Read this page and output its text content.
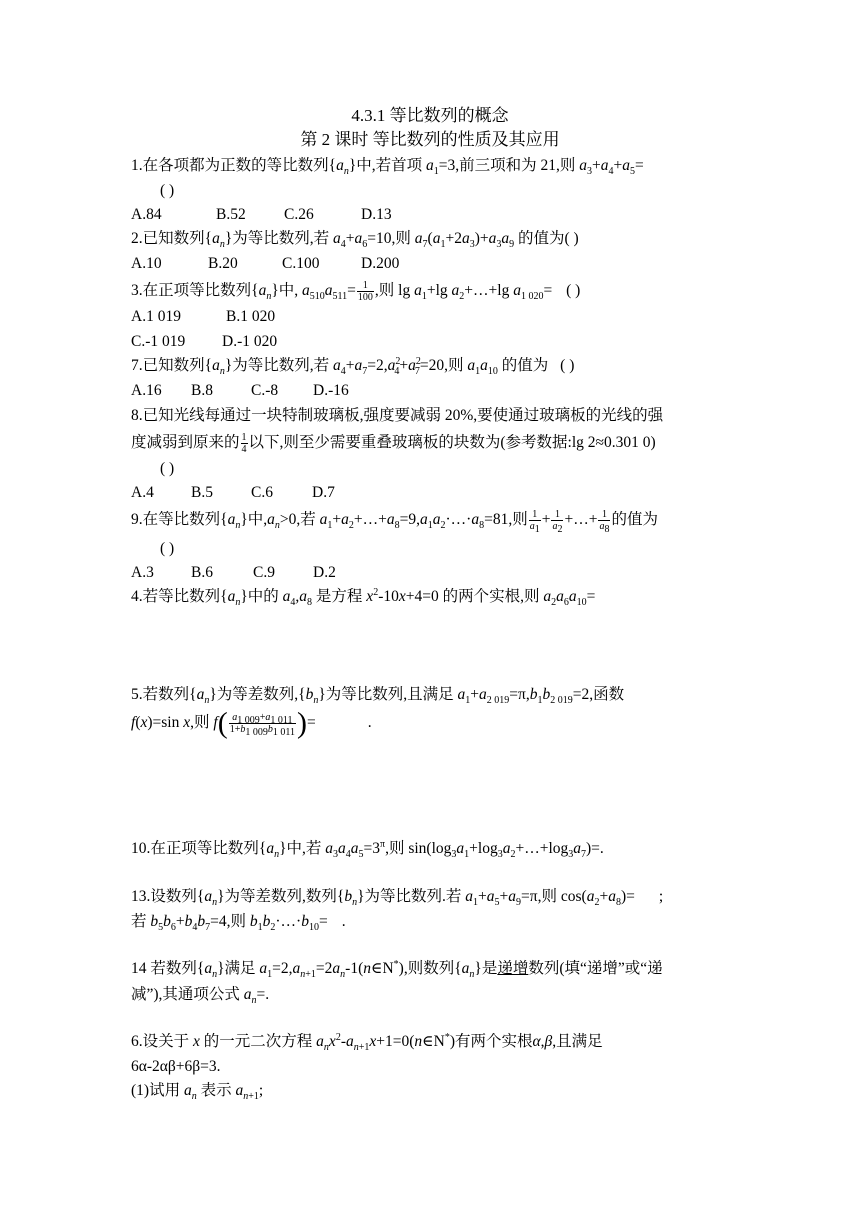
4.3.1 等比数列的概念
第 2 课时 等比数列的性质及其应用
1.在各项都为正数的等比数列$\{a_n\}$中,若首项 $a_1=3$,前三项和为 21,则 $a_3+a_4+a_5=$
( )
A.84	B.52 C.26	D.13
2.已知数列$\{a_n\}$为等比数列,若 $a_4+a_6=10$,则 $a_7(a_1+2a_3)+a_3a_9$ 的值为( )
A.10	B.20	C.100	D.200
3.在正项等比数列$\{a_n\}$中, $a_{510}a_{511}= \frac{1}{100}$ ,则 $\lg a_1+\lg$ $a_2+\dots+\lg$ $a_{1 020}=$ ( )
A.1 019	B.1 020
C.-1 019 D.-1 020
7.已知数列$\{a_n\}$为等比数列,若 $a_4+a_7=2,a^2_4+a^2_7=20$,则 $a_1a_{10}$ 的值为 ( )
A.16 B.8 C.-8 D.-16
8.已知光线每通过一块特制玻璃板,强度要减弱 20%,要使通过玻璃板的光线的强
度减弱到原来的 $\frac{1}{4}$ 以下,则至少需要重叠玻璃板的块数为(参考数据:lg 2≈0.301 0)
( )
A.4 B.5 C.6	D.7
9.在等比数列$\{a_n\}$中$,a_n>0$,若 $a_1+a_2+\dots+a_8=9,a_1a_2\cdot\dots\cdot a_8=81$,则 $\frac{1}{a_1} + \frac{1}{a_2}$ +…+ $\frac{1}{a_8}$ 的值为
( )
A.3 B.6	C.9 D.2
4.若等比数列$\{a_n\}$中的 $a_4,a_8$ 是方程 $x^2-10x+4=0$ 的两个实根,则 $a_2a_6a_{10}=$
5.若数列$\{a_n\}$为等差数列$,\{b_n\}$为等比数列,且满足 $a_1+a_{2 019}=\pi,b_1b_{2 019}=2$,函数
f(x)=sin x,则 $f( \frac{a_{1 009}+a_{1 011}}{1+b_{1 009}b_{1 011}}$ )=	.
10.在正项等比数列$\{a_n\}$中,若 $a_3a_4a_5=3^\pi$,则 $\sin(\log_3a_1+\log_3a_2+\dots+\log_3a_7)=$.
13.设数列$\{a_n\}$为等差数列,数列$\{b_n\}$为等比数列.若 $a_1+a_5+a_9=\pi$,则 $\cos(a_2+a_8)=$ ;
若 $b_5b_6+b_4b_7=4$,则 $b_1b_2\cdot\dots\cdot b_{10}=$ .
14 若数列$\{a_n\}$满足 $a_1=2,a_{n+1}=2a_n-1(n\in N^*)$,则数列$\{a_n\}$是递增数列(填“递增”或“递
减”),其通项公式 $a_n=$.
6.设关于 x 的一元二次方程 $a_nx^2-a_{n+1}x+1=0(n\in N^*)$有两个实根α,β,且满足
6α-2αβ+6β=3.
(1)试用 $a_n$ 表示 $a_{n+1}$;
